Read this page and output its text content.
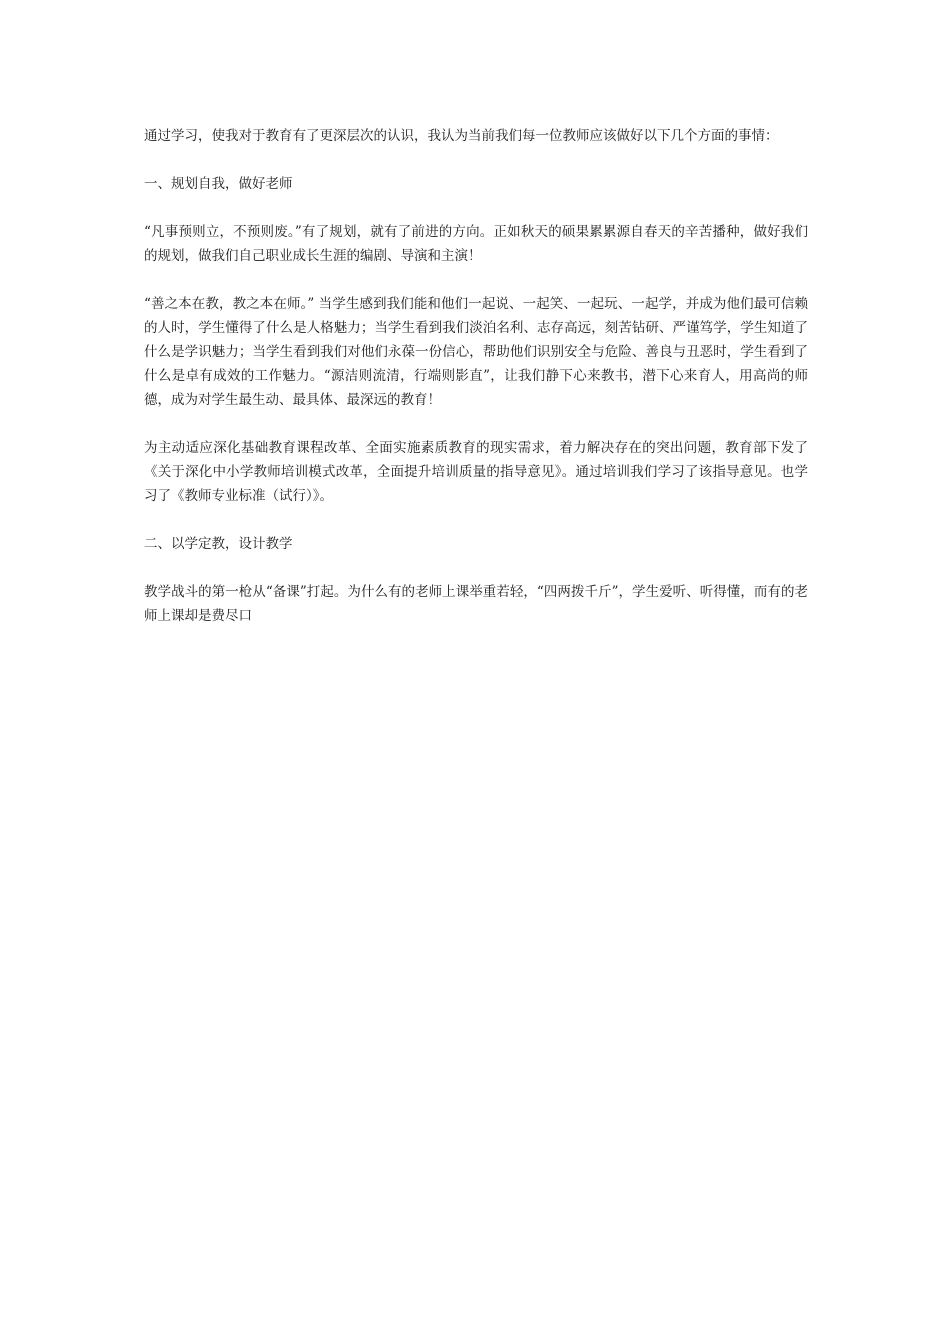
通过学习，使我对于教育有了更深层次的认识，我认为当前我们每一位教师应该做好以下几个方面的事情：

一、规划自我，做好老师

“凡事预则立，不预则废。”有了规划，就有了前进的方向。正如秋天的硕果累累源自春天的辛苦播种，做好我们的规划，做我们自己职业成长生涯的编剧、导演和主演！

“善之本在教，教之本在师。” 当学生感到我们能和他们一起说、一起笑、一起玩、一起学，并成为他们最可信赖的人时，学生懂得了什么是人格魅力；当学生看到我们淡泊名利、志存高远，刻苦钻研、严谨笃学，学生知道了什么是学识魅力；当学生看到我们对他们永葆一份信心，帮助他们识别安全与危险、善良与丑恶时，学生看到了什么是卓有成效的工作魅力。“源洁则流清，行端则影直”，让我们静下心来教书，潜下心来育人，用高尚的师德，成为对学生最生动、最具体、最深远的教育！

为主动适应深化基础教育课程改革、全面实施素质教育的现实需求，着力解决存在的突出问题，教育部下发了《关于深化中小学教师培训模式改革，全面提升培训质量的指导意见》。通过培训我们学习了该指导意见。也学习了《教师专业标准（试行）》。

二、以学定教，设计教学

教学战斗的第一枪从“备课”打起。为什么有的老师上课举重若轻，“四两拨千斤”，学生爱听、听得懂，而有的老师上课却是费尽口
